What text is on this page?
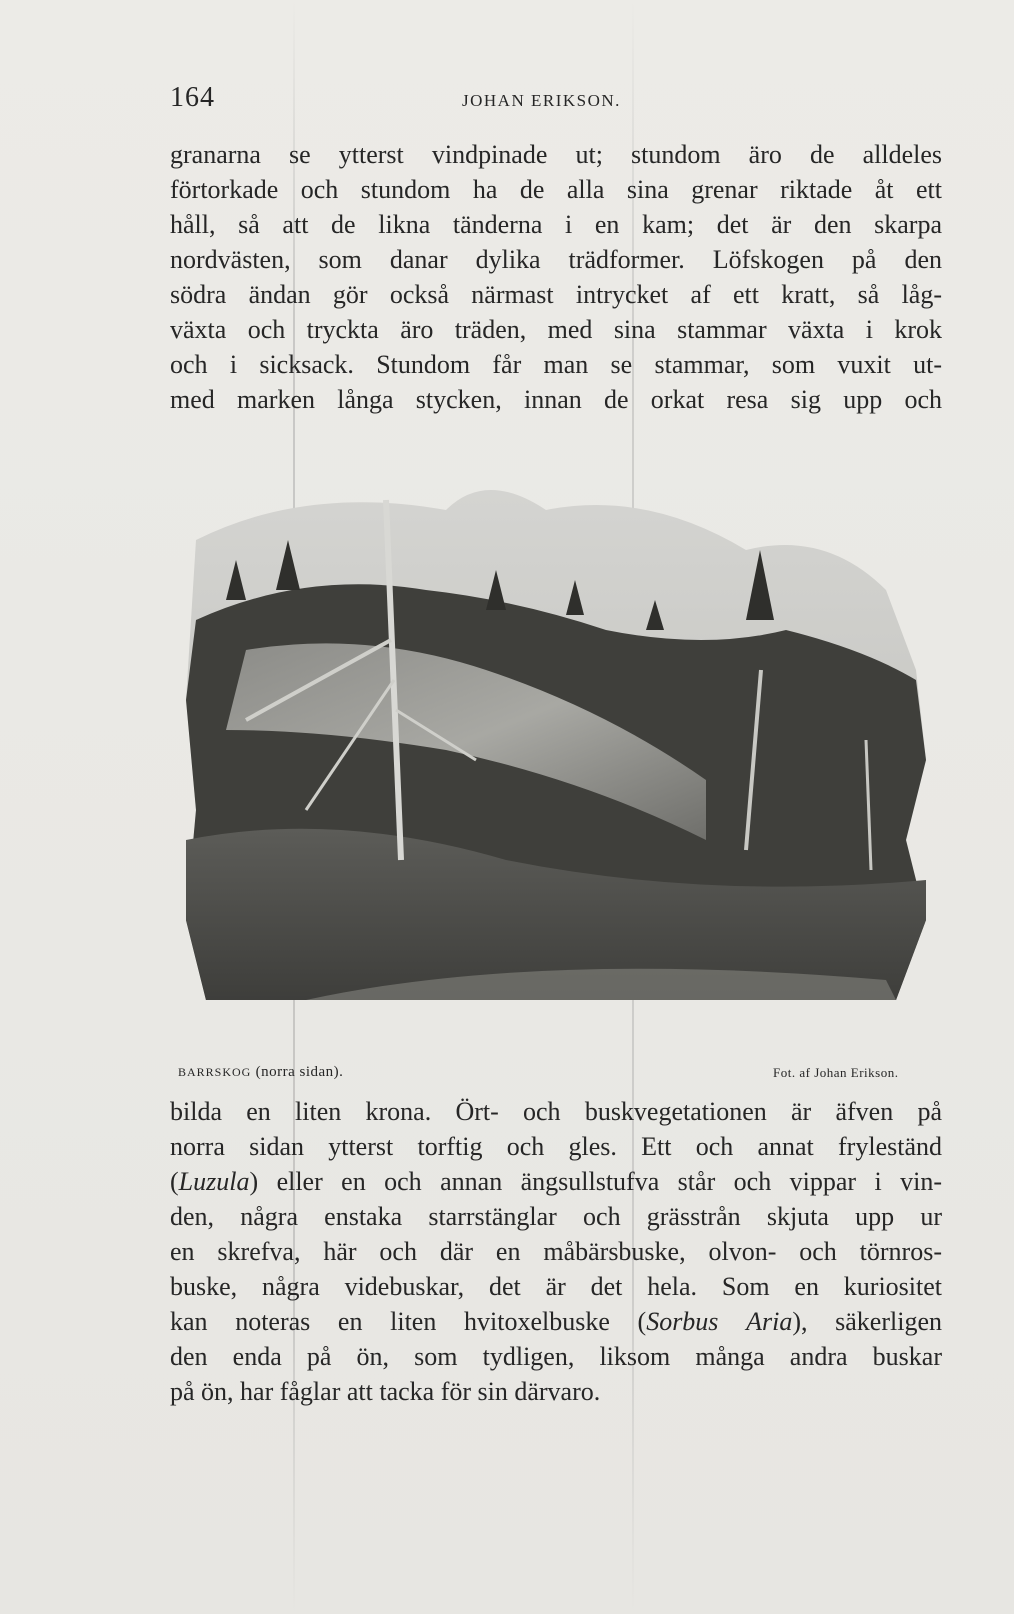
164	JOHAN ERIKSON.
granarna se ytterst vindpinade ut; stundom äro de alldeles
förtorkade och stundom ha de alla sina grenar riktade åt ett
håll, så att de likna tänderna i en kam; det är den skarpa
nordvästen, som danar dylika trädformer. Löfskogen på den
södra ändan gör också närmast intrycket af ett kratt, så låg-
växta och tryckta äro träden, med sina stammar växta i krok
och i sicksack. Stundom får man se stammar, som vuxit ut-
med marken långa stycken, innan de orkat resa sig upp och
BARRSKOG (norra sidan).	Fot. af Johan Erikson.
bilda en liten krona. Ört- och buskvegetationen är äfven på
norra sidan ytterst torftig och gles. Ett och annat fryleständ
(Luzula) eller en och annan ängsullstufva står och vippar i vin-
den, några enstaka starrstänglar och grässtrån skjuta upp ur
en skrefva, här och där en måbärsbuske, olvon- och törnros-
buske, några videbuskar, det är det hela. Som en kuriositet
kan noteras en liten hvitoxelbuske (Sorbus Aria), säkerligen
den enda på ön, som tydligen, liksom många andra buskar
på ön, har fåglar att tacka för sin därvaro.
